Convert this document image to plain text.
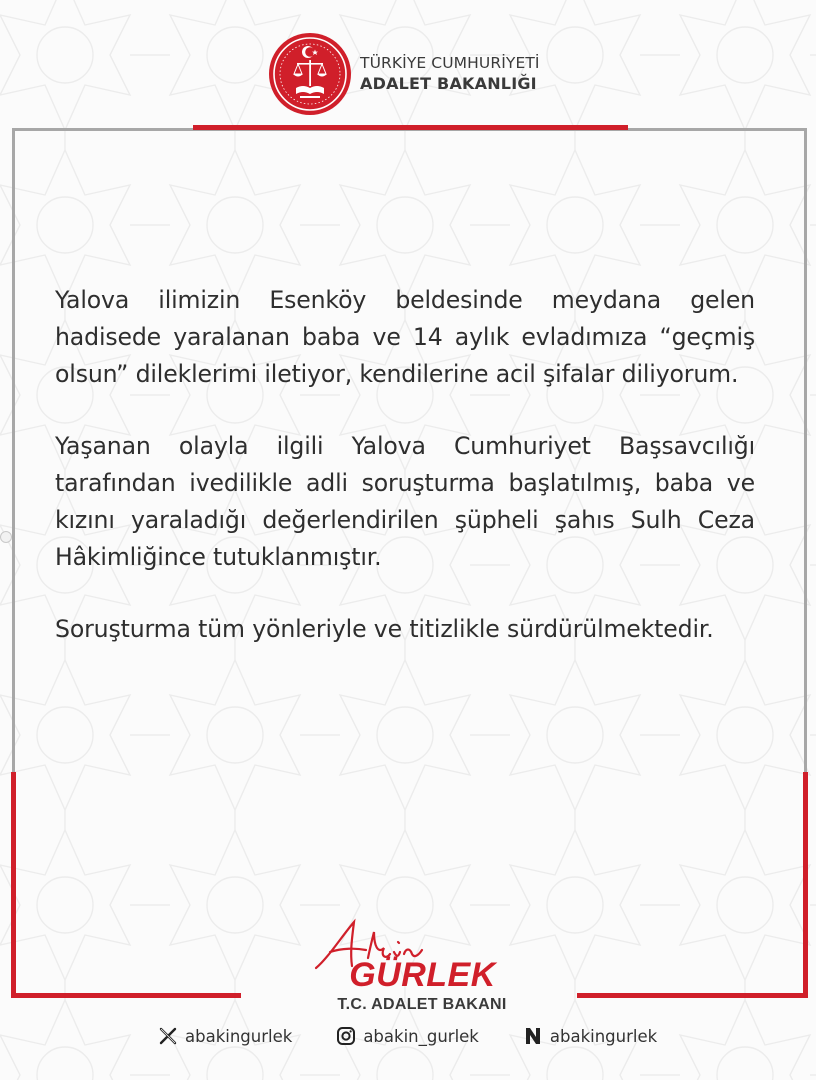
TÜRKİYE CUMHURİYETİ
ADALET BAKANLIĞI

Yalova ilimizin Esenköy beldesinde meydana gelen hadisede yaralanan baba ve 14 aylık evladımıza “geçmiş olsun” dileklerimi iletiyor, kendilerine acil şifalar diliyorum.

Yaşanan olayla ilgili Yalova Cumhuriyet Başsavcılığı tarafından ivedilikle adli soruşturma başlatılmış, baba ve kızını yaraladığı değerlendirilen şüpheli şahıs Sulh Ceza Hâkimliğince tutuklanmıştır.

Soruşturma tüm yönleriyle ve titizlikle sürdürülmektedir.

GÜRLEK
T.C. ADALET BAKANI
abakingurlek	abakin_gurlek	abakingurlek
